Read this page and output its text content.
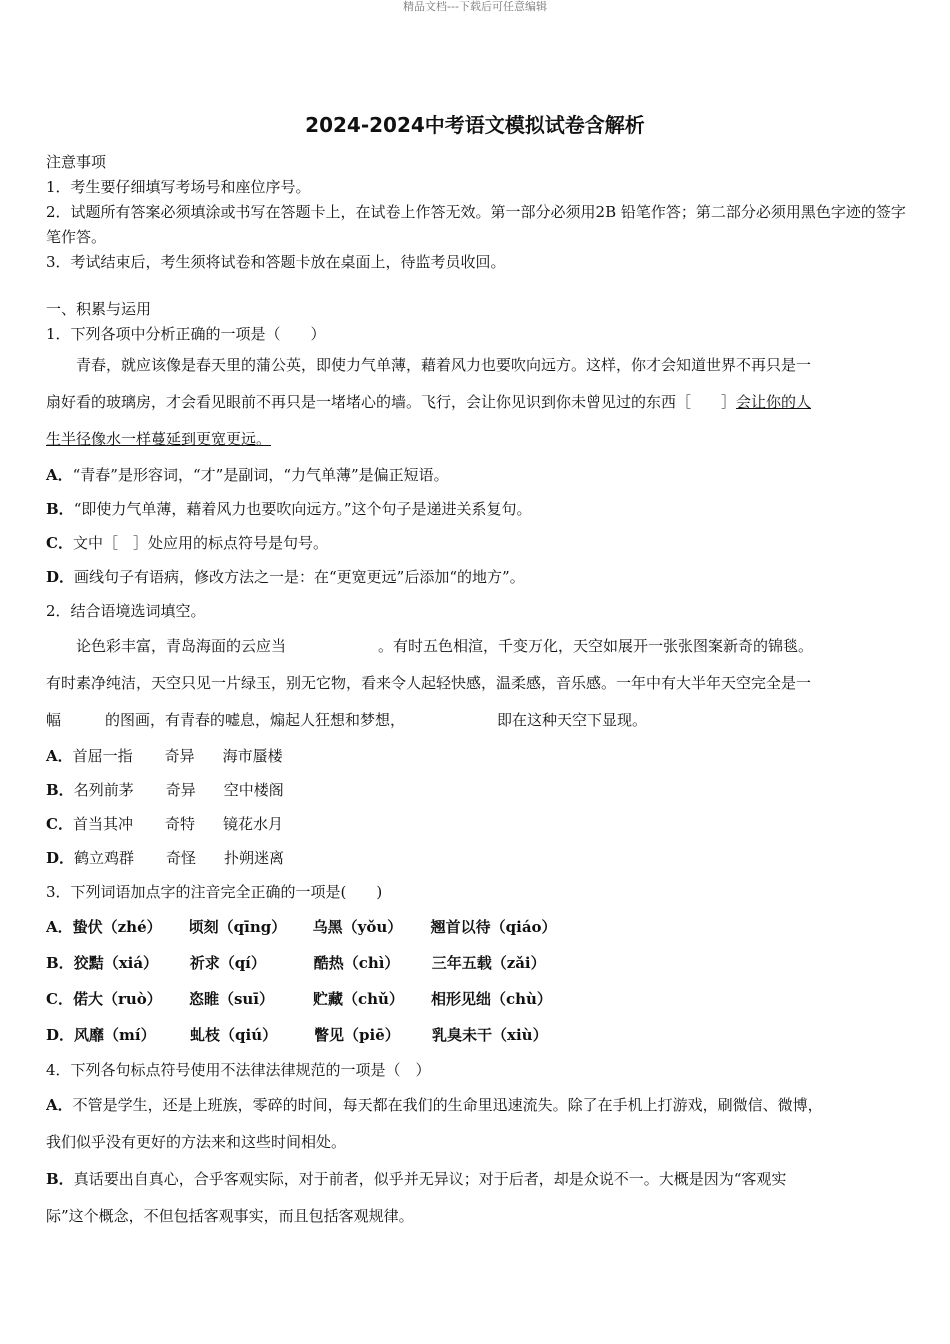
精品文档---下载后可任意编辑
2024-2024中考语文模拟试卷含解析
注意事项
1．考生要仔细填写考场号和座位序号。
2．试题所有答案必须填涂或书写在答题卡上，在试卷上作答无效。第一部分必须用2B 铅笔作答；第二部分必须用黑色字迹的签字笔作答。
3．考试结束后，考生须将试卷和答题卡放在桌面上，待监考员收回。
一、积累与运用
1．下列各项中分析正确的一项是（　　）
青春，就应该像是春天里的蒲公英，即使力气单薄，藉着风力也要吹向远方。这样，你才会知道世界不再只是一
扇好看的玻璃房，才会看见眼前不再只是一堵堵心的墙。飞行，会让你见识到你未曾见过的东西［　　］会让你的人
生半径像水一样蔓延到更宽更远。
A．“青春”是形容词，“才”是副词，“力气单薄”是偏正短语。
B．“即使力气单薄，藉着风力也要吹向远方。”这个句子是递进关系复句。
C．文中［　］处应用的标点符号是句号。
D．画线句子有语病，修改方法之一是：在“更宽更远”后添加“的地方”。
2．结合语境选词填空。
论色彩丰富，青岛海面的云应当	。有时五色相渲，千变万化，天空如展开一张张图案新奇的锦毯。
有时素净纯洁，天空只见一片绿玉，别无它物，看来令人起轻快感，温柔感，音乐感。一年中有大半年天空完全是一
幅	的图画，有青春的嘘息，煽起人狂想和梦想，	即在这种天空下显现。
A．首屈一指 奇异 海市蜃楼
B．名列前茅 奇异 空中楼阁
C．首当其冲 奇特 镜花水月
D．鹤立鸡群 奇怪 扑朔迷离
3．下列词语加点字的注音完全正确的一项是(　　)
A．蛰伏（zhé） 顷刻（qīng） 乌黑（yǒu） 翘首以待（qiáo）
B．狡黠（xiá） 祈求（qí）	酷热（chì） 三年五载（zǎi）
C．偌大（ruò） 恣睢（suī）	贮藏（chǔ） 相形见绌（chù）
D．风靡（mí） 虬枝（qiú） 瞥见（piē） 乳臭未干（xiù）
4．下列各句标点符号使用不法律法律规范的一项是（　）
A．不管是学生，还是上班族，零碎的时间，每天都在我们的生命里迅速流失。除了在手机上打游戏，刷微信、微博，
我们似乎没有更好的方法来和这些时间相处。
B．真话要出自真心，合乎客观实际，对于前者，似乎并无异议；对于后者，却是众说不一。大概是因为“客观实
际”这个概念，不但包括客观事实，而且包括客观规律。
